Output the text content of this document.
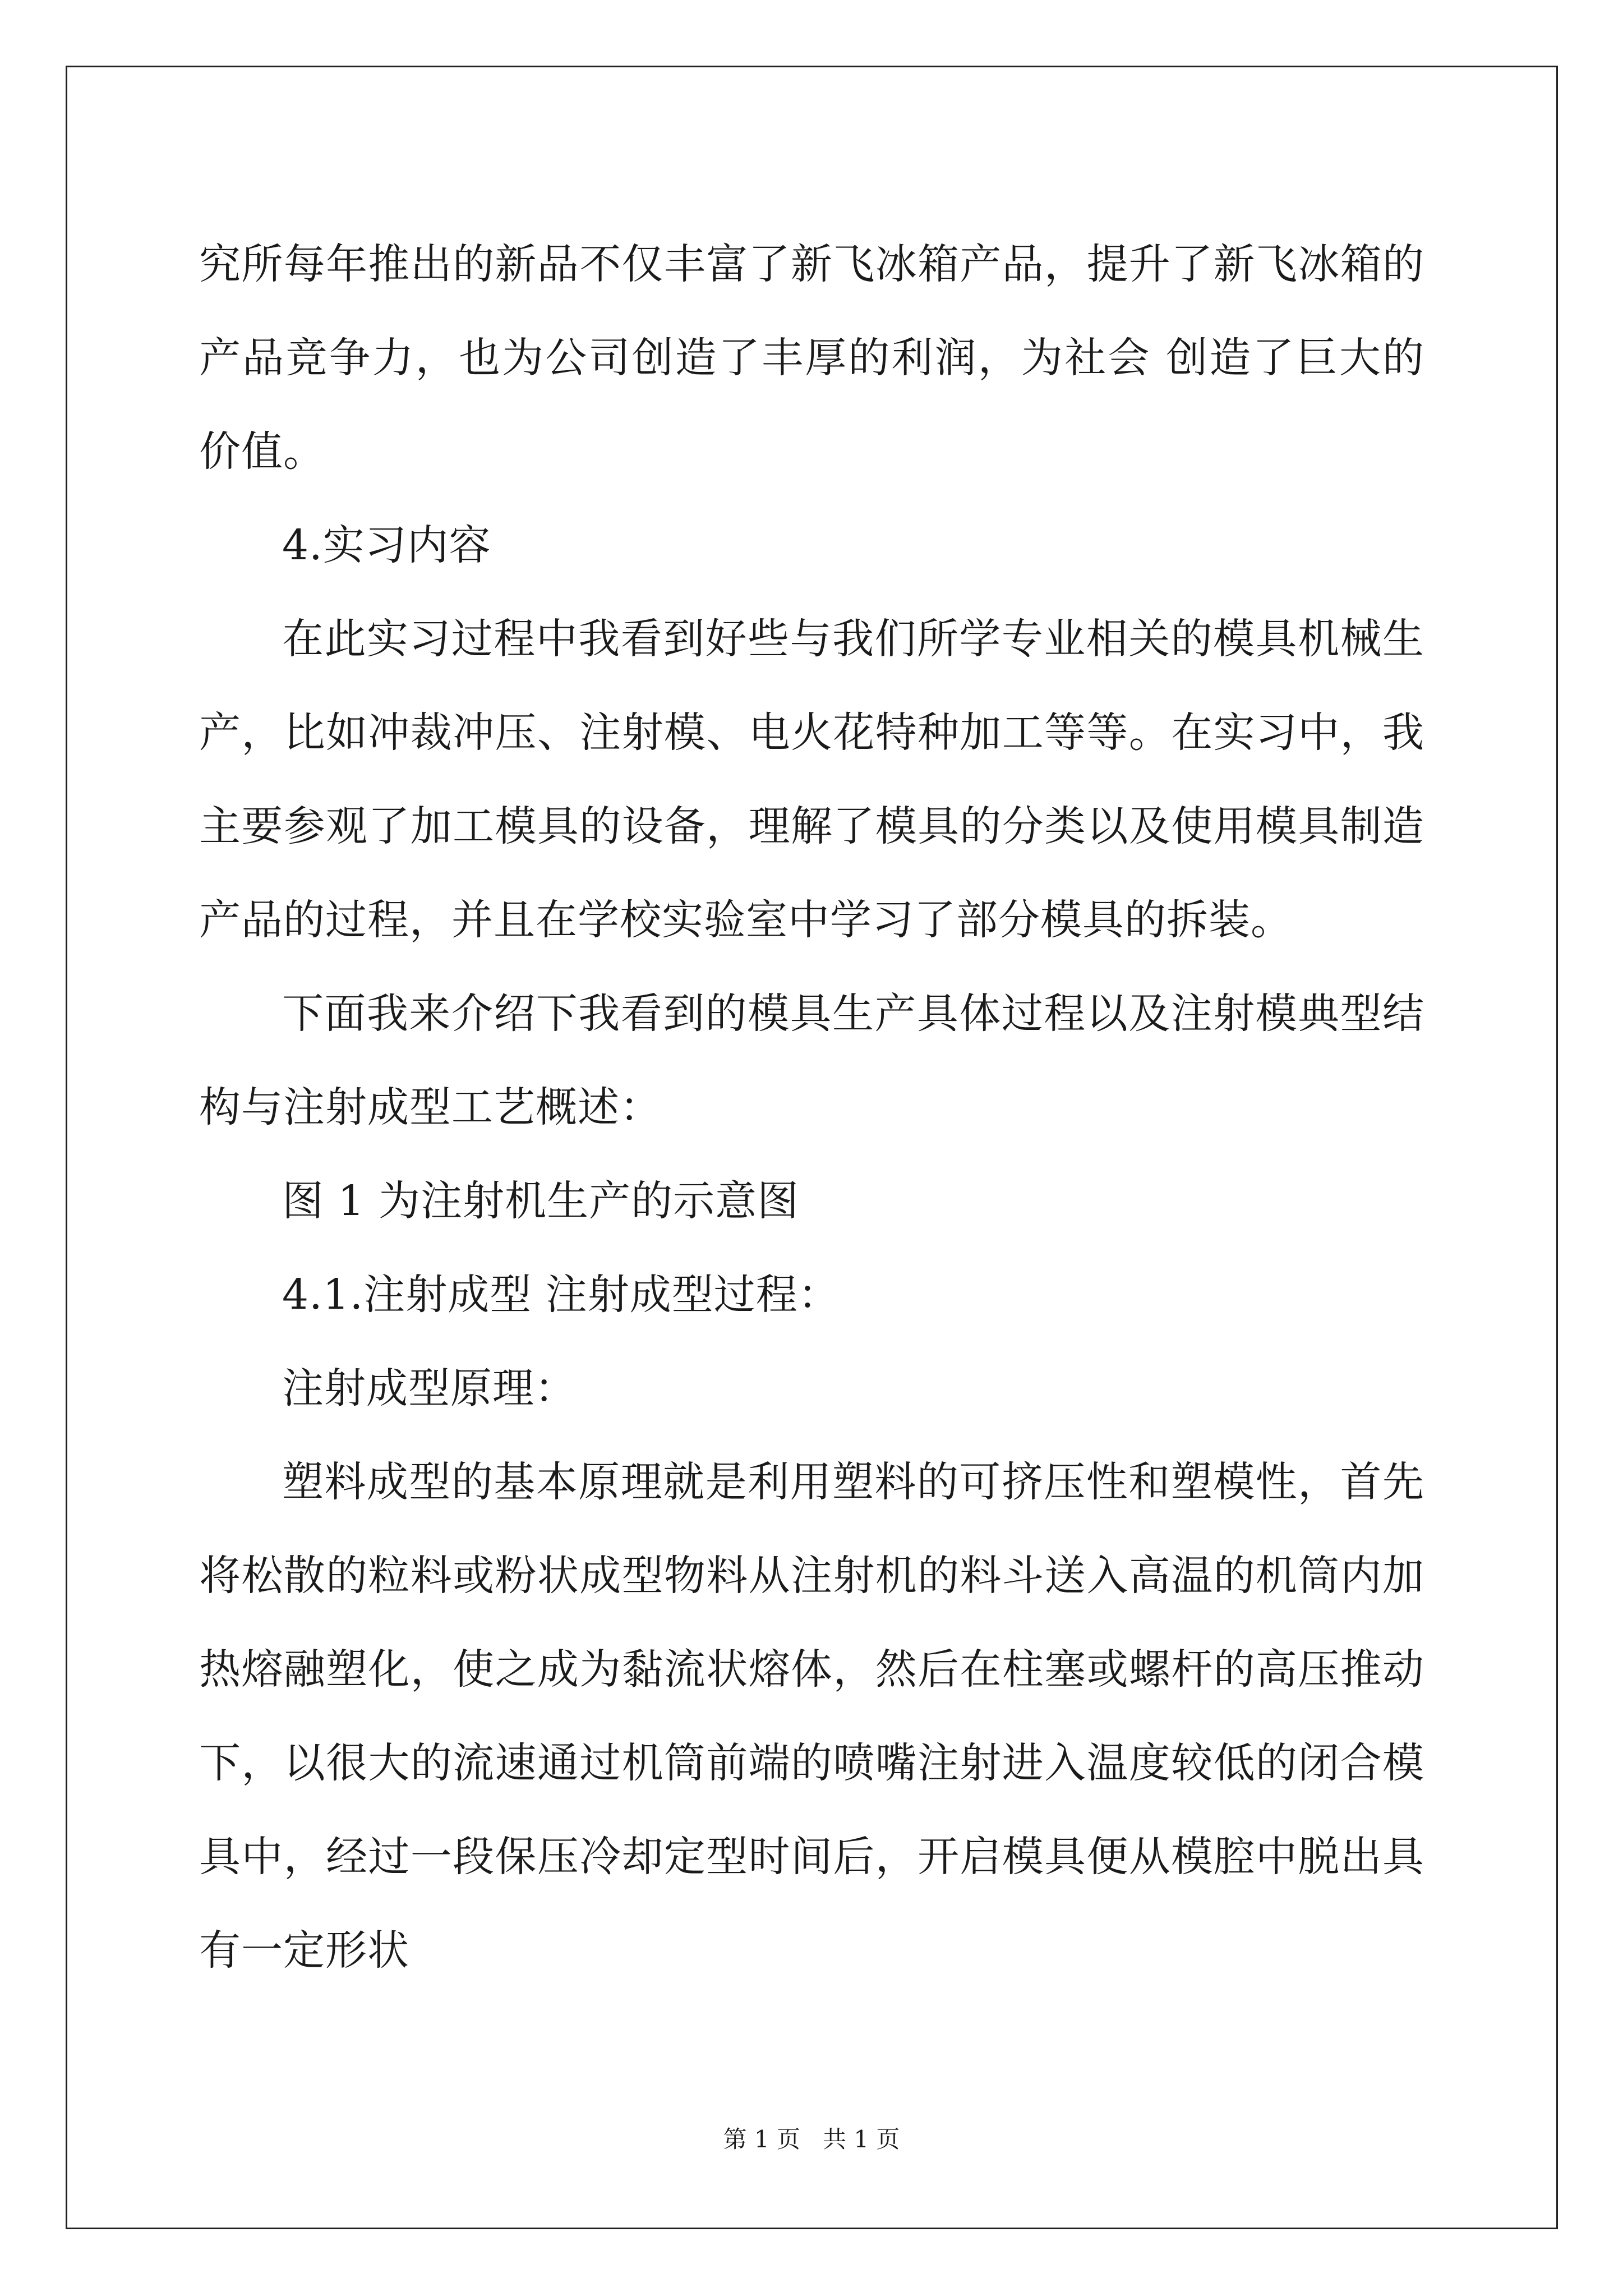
究所每年推出的新品不仅丰富了新飞冰箱产品，提升了新飞冰箱的产品竞争力，也为公司创造了丰厚的利润，为社会 创造了巨大的价值。

4.实习内容

在此实习过程中我看到好些与我们所学专业相关的模具机械生产，比如冲裁冲压、注射模、电火花特种加工等等。在实习中，我主要参观了加工模具的设备，理解了模具的分类以及使用模具制造产品的过程，并且在学校实验室中学习了部分模具的拆装。

下面我来介绍下我看到的模具生产具体过程以及注射模典型结构与注射成型工艺概述：

图 1 为注射机生产的示意图

4.1.注射成型 注射成型过程：

注射成型原理：

塑料成型的基本原理就是利用塑料的可挤压性和塑模性，首先将松散的粒料或粉状成型物料从注射机的料斗送入高温的机筒内加热熔融塑化，使之成为黏流状熔体，然后在柱塞或螺杆的高压推动下，以很大的流速通过机筒前端的喷嘴注射进入温度较低的闭合模具中，经过一段保压冷却定型时间后，开启模具便从模腔中脱出具有一定形状

第 1 页 共 1 页
